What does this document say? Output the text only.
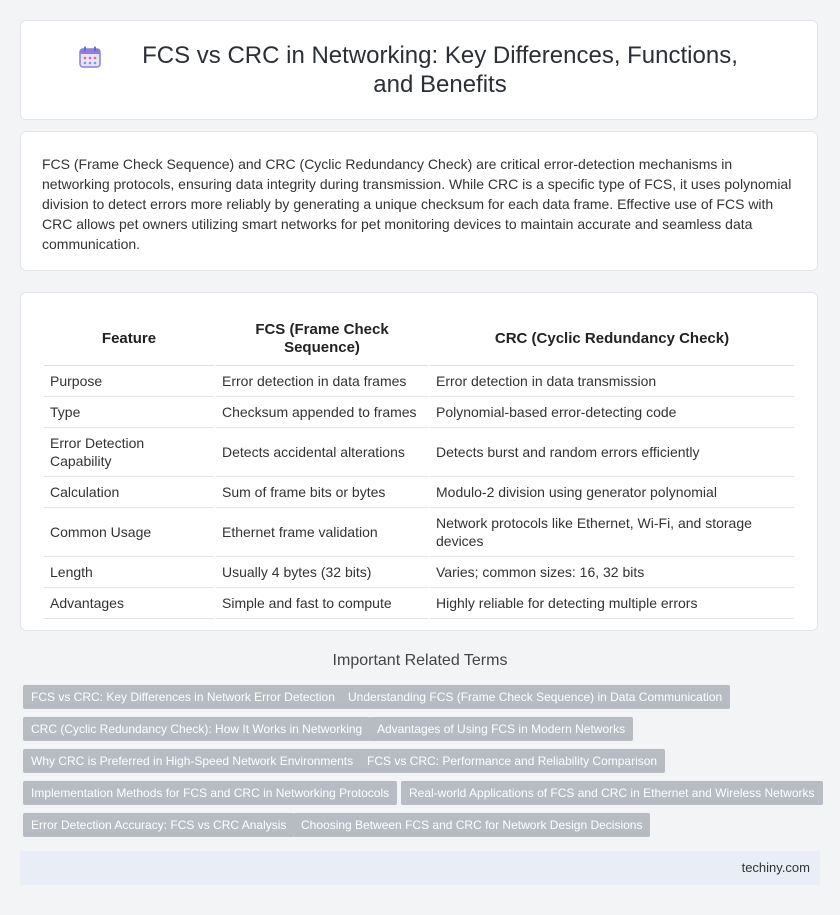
FCS vs CRC in Networking: Key Differences, Functions, and Benefits

FCS (Frame Check Sequence) and CRC (Cyclic Redundancy Check) are critical error-detection mechanisms in networking protocols, ensuring data integrity during transmission. While CRC is a specific type of FCS, it uses polynomial division to detect errors more reliably by generating a unique checksum for each data frame. Effective use of FCS with CRC allows pet owners utilizing smart networks for pet monitoring devices to maintain accurate and seamless data communication.

Feature	FCS (Frame Check Sequence)	CRC (Cyclic Redundancy Check)
Purpose	Error detection in data frames	Error detection in data transmission
Type	Checksum appended to frames	Polynomial-based error-detecting code
Error Detection Capability	Detects accidental alterations	Detects burst and random errors efficiently
Calculation	Sum of frame bits or bytes	Modulo-2 division using generator polynomial
Common Usage	Ethernet frame validation	Network protocols like Ethernet, Wi-Fi, and storage devices
Length	Usually 4 bytes (32 bits)	Varies; common sizes: 16, 32 bits
Advantages	Simple and fast to compute	Highly reliable for detecting multiple errors
Important Related Terms
FCS vs CRC: Key Differences in Network Error Detection	Understanding FCS (Frame Check Sequence) in Data Communication
CRC (Cyclic Redundancy Check): How It Works in Networking	Advantages of Using FCS in Modern Networks
Why CRC is Preferred in High-Speed Network Environments	FCS vs CRC: Performance and Reliability Comparison
Implementation Methods for FCS and CRC in Networking Protocols	Real-world Applications of FCS and CRC in Ethernet and Wireless Networks
Error Detection Accuracy: FCS vs CRC Analysis	Choosing Between FCS and CRC for Network Design Decisions
techiny.com
